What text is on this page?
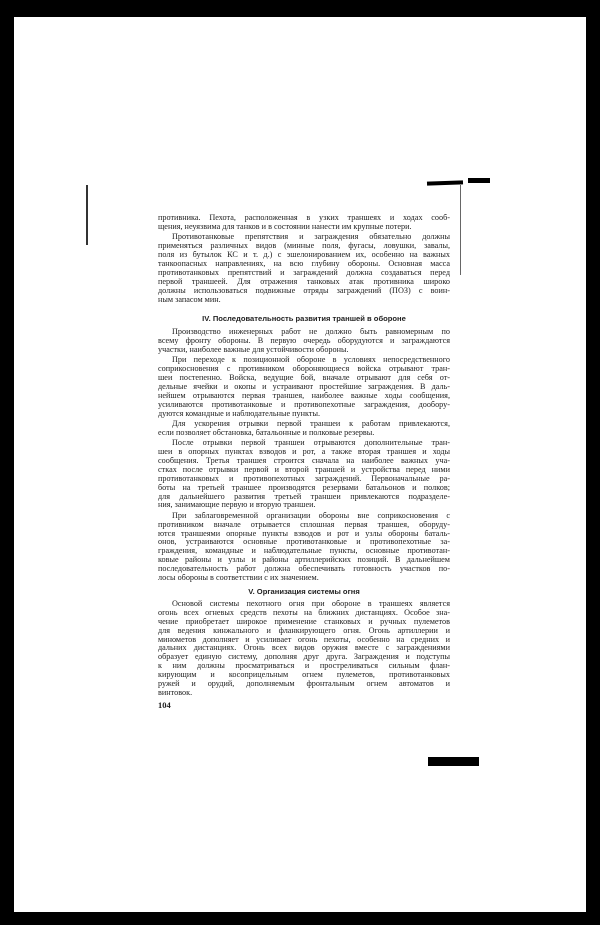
противника. Пехота, расположенная в узких траншеях и ходах сооб-
щения, неуязвима для танков и в состоянии нанести им крупные потери.
Противотанковые препятствия и заграждения обязательно должны
применяться различных видов (минные поля, фугасы, ловушки, завалы,
поля из бутылок КС и т. д.) с эшелонированием их, особенно на важных
танкоопасных направлениях, на всю глубину обороны. Основная масса
противотанковых препятствий и заграждений должна создаваться перед
первой траншеей. Для отражения танковых атак противника широко
должны использоваться подвижные отряды заграждений (ПОЗ) с воин-
ным запасом мин.
IV. Последовательность развития траншей в обороне
Производство инженерных работ не должно быть равномерным по
всему фронту обороны. В первую очередь оборудуются и заграждаются
участки, наиболее важные для устойчивости обороны.
При переходе к позиционной обороне в условиях непосредственного
соприкосновения с противником обороняющиеся войска отрывают тран-
шеи постепенно. Войска, ведущие бой, вначале отрывают для себя от-
дельные ячейки и окопы и устраивают простейшие заграждения. В даль-
нейшем отрываются первая траншея, наиболее важные ходы сообщения,
усиливаются противотанковые и противопехотные заграждения, дообору-
дуются командные и наблюдательные пункты.
Для ускорения отрывки первой траншеи к работам привлекаются,
если позволяет обстановка, батальонные и полковые резервы.
После отрывки первой траншеи отрываются дополнительные тран-
шеи в опорных пунктах взводов и рот, а также вторая траншея и ходы
сообщения. Третья траншея строится сначала на наиболее важных уча-
стках после отрывки первой и второй траншей и устройства перед ними
противотанковых и противопехотных заграждений. Первоначальные ра-
боты на третьей траншее производятся резервами батальонов и полков;
для дальнейшего развития третьей траншеи привлекаются подразделе-
ния, занимающие первую и вторую траншеи.
При заблаговременной организации обороны вне соприкосновения с
противником вначале отрывается сплошная первая траншея, оборуду-
ются траншеями опорные пункты взводов и рот и узлы обороны баталь-
онов, устраиваются основные противотанковые и противопехотные за-
граждения, командные и наблюдательные пункты, основные противотан-
ковые районы и узлы и районы артиллерийских позиций. В дальнейшем
последовательность работ должна обеспечивать готовность участков по-
лосы обороны в соответствии с их значением.
V. Организация системы огня
Основой системы пехотного огня при обороне в траншеях является
огонь всех огневых средств пехоты на ближних дистанциях. Особое зна-
чение приобретает широкое применение станковых и ручных пулеметов
для ведения кинжального и фланкирующего огня. Огонь артиллерии и
минометов дополняет и усиливает огонь пехоты, особенно на средних и
дальних дистанциях. Огонь всех видов оружия вместе с заграждениями
образует единую систему, дополняя друг друга. Заграждения и подступы
к ним должны просматриваться и простреливаться сильным флан-
кирующим и косоприцельным огнем пулеметов, противотанковых
ружей и орудий, дополняемым фронтальным огнем автоматов и
винтовок.
104
